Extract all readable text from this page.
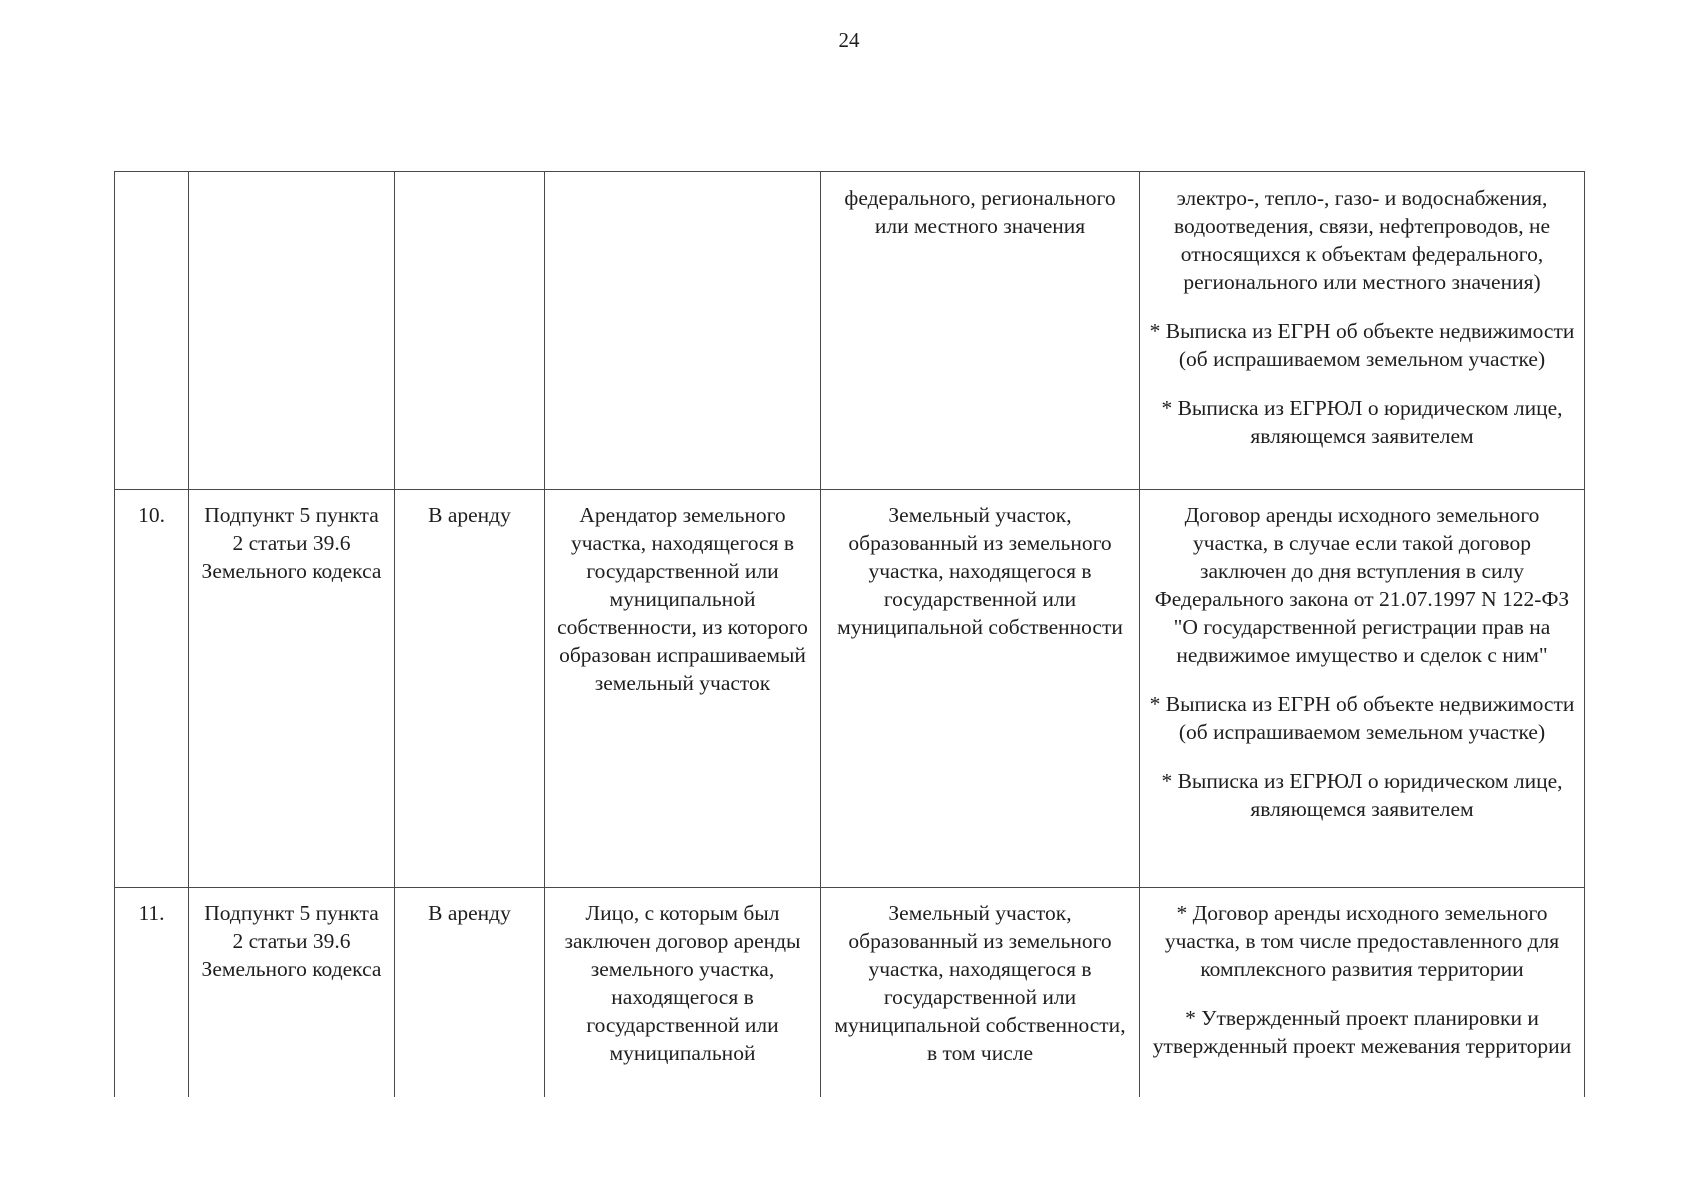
24
				федерального, регионального или местного значения	электро-, тепло-, газо- и водоснабжения, водоотведения, связи, нефтепроводов, не относящихся к объектам федерального, регионального или местного значения)

* Выписка из ЕГРН об объекте недвижимости (об испрашиваемом земельном участке)

* Выписка из ЕГРЮЛ о юридическом лице, являющемся заявителем

10.	Подпункт 5 пункта 2 статьи 39.6 Земельного кодекса	В аренду	Арендатор земельного участка, находящегося в государственной или муниципальной собственности, из которого образован испрашиваемый земельный участок	Земельный участок, образованный из земельного участка, находящегося в государственной или муниципальной собственности	Договор аренды исходного земельного участка, в случае если такой договор заключен до дня вступления в силу Федерального закона от 21.07.1997 N 122-ФЗ "О государственной регистрации прав на недвижимое имущество и сделок с ним"

* Выписка из ЕГРН об объекте недвижимости (об испрашиваемом земельном участке)

* Выписка из ЕГРЮЛ о юридическом лице, являющемся заявителем

11.	Подпункт 5 пункта 2 статьи 39.6 Земельного кодекса	В аренду	Лицо, с которым был заключен договор аренды земельного участка, находящегося в государственной или муниципальной	Земельный участок, образованный из земельного участка, находящегося в государственной или муниципальной собственности, в том числе	* Договор аренды исходного земельного участка, в том числе предоставленного для комплексного развития территории

* Утвержденный проект планировки и утвержденный проект межевания территории
